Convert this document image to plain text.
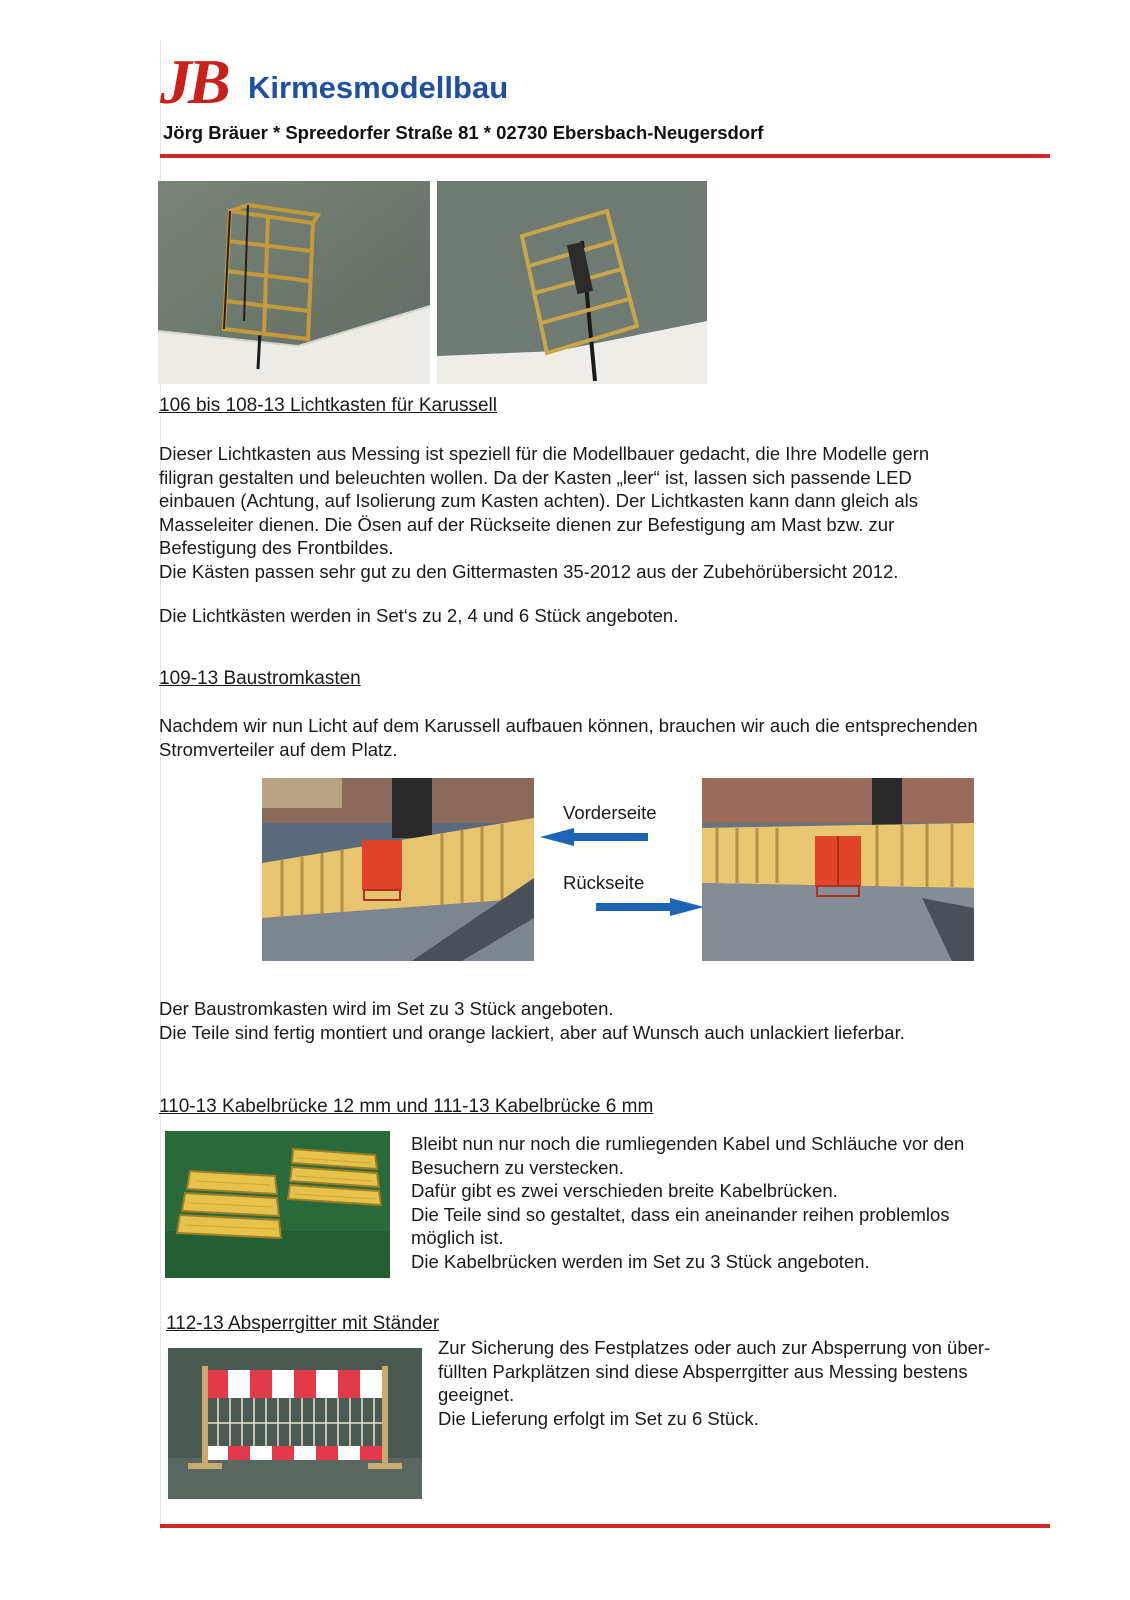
JB Kirmesmodellbau
Jörg Bräuer * Spreedorfer Straße 81 * 02730 Ebersbach-Neugersdorf
106 bis 108-13 Lichtkasten für Karussell
Dieser Lichtkasten aus Messing ist speziell für die Modellbauer gedacht, die Ihre Modelle gern
filigran gestalten und beleuchten wollen. Da der Kasten „leer“ ist, lassen sich passende LED
einbauen (Achtung, auf Isolierung zum Kasten achten). Der Lichtkasten kann dann gleich als
Masseleiter dienen. Die Ösen auf der Rückseite dienen zur Befestigung am Mast bzw. zur
Befestigung des Frontbildes.
Die Kästen passen sehr gut zu den Gittermasten 35-2012 aus der Zubehörübersicht 2012.
Die Lichtkästen werden in Set‘s zu 2, 4 und 6 Stück angeboten.
109-13 Baustromkasten
Nachdem wir nun Licht auf dem Karussell aufbauen können, brauchen wir auch die entsprechenden
Stromverteiler auf dem Platz.
Vorderseite
Rückseite
Der Baustromkasten wird im Set zu 3 Stück angeboten.
Die Teile sind fertig montiert und orange lackiert, aber auf Wunsch auch unlackiert lieferbar.
110-13 Kabelbrücke 12 mm und 111-13 Kabelbrücke 6 mm
Bleibt nun nur noch die rumliegenden Kabel und Schläuche vor den
Besuchern zu verstecken.
Dafür gibt es zwei verschieden breite Kabelbrücken.
Die Teile sind so gestaltet, dass ein aneinander reihen problemlos
möglich ist.
Die Kabelbrücken werden im Set zu 3 Stück angeboten.
112-13 Absperrgitter mit Ständer
Zur Sicherung des Festplatzes oder auch zur Absperrung von über-
füllten Parkplätzen sind diese Absperrgitter aus Messing bestens
geeignet.
Die Lieferung erfolgt im Set zu 6 Stück.
